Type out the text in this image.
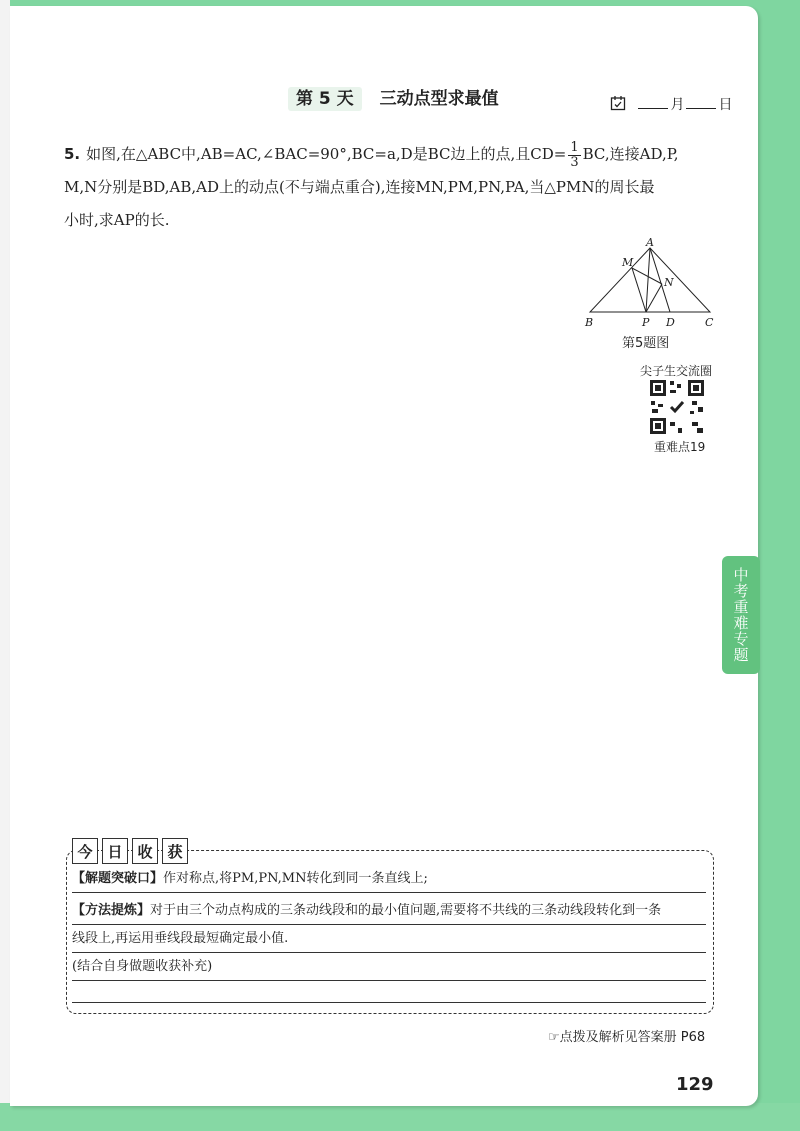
中考重难专题
第 5 天 三动点型求最值	月 日
5. 如图,在△ABC中,AB=AC,∠BAC=90°,BC=a,D是BC边上的点,且$CD= \frac{1}{3}$ BC,连接AD,P,
M,N分别是BD,AB,AD上的动点(不与端点重合),连接MN,PM,PN,PA,当△PMN的周长最
小时,求AP的长.
A
M
N
B	P D	C
第5题图
尖子生交流圈
重难点19
今 日 收 获
【解题突破口】作对称点,将PM,PN,MN转化到同一条直线上;
【方法提炼】对于由三个动点构成的三条动线段和的最小值问题,需要将不共线的三条动线段转化到一条
线段上,再运用垂线段最短确定最小值.
(结合自身做题收获补充)
☞点拨及解析见答案册 P68
129
